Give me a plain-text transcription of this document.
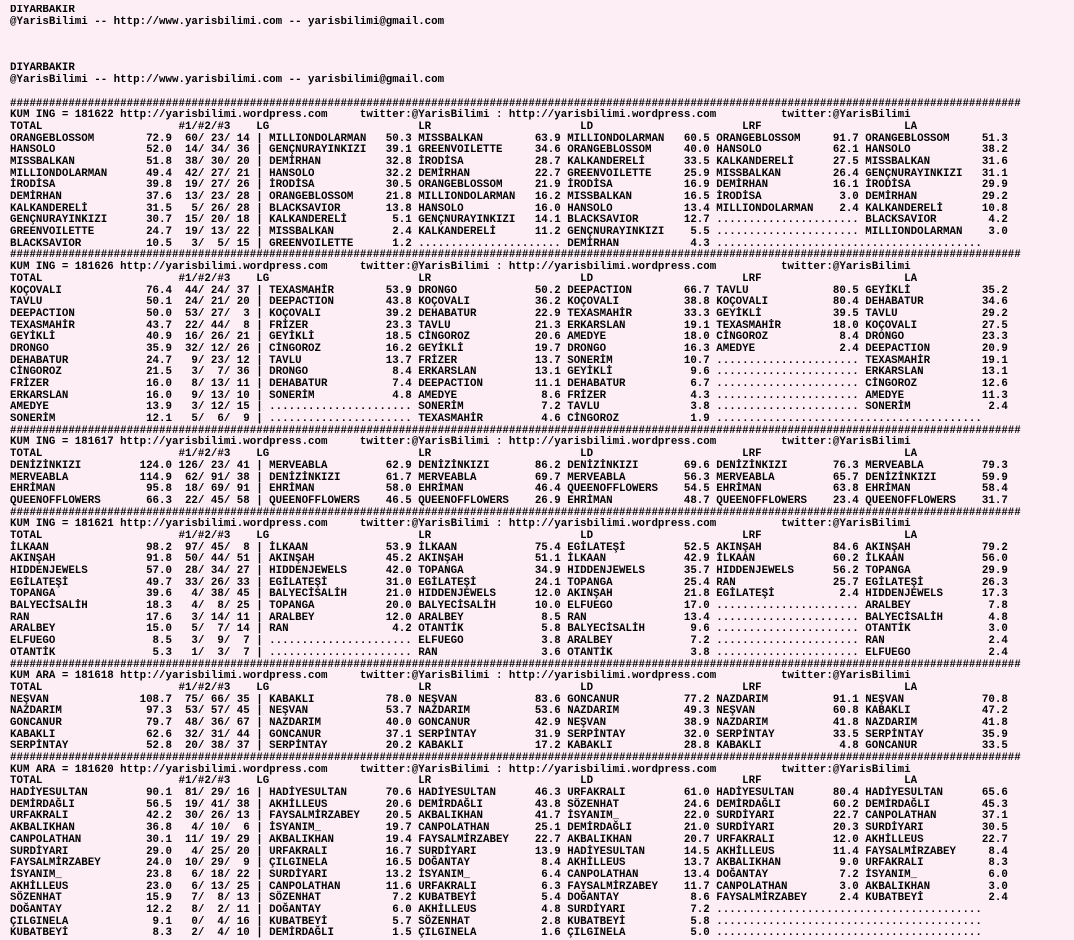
DIYARBAKIR
@YarisBilimi -- http://www.yarisbilimi.com -- yarisbilimi@gmail.com
DIYARBAKIR
@YarisBilimi -- http://www.yarisbilimi.com -- yarisbilimi@gmail.com
############################################################################################################################################################
KUM ING = 181622 http://yarisbilimi.wordpress.com     twitter:@YarisBilimi : http://yarisbilimi.wordpress.com          twitter:@YarisBilimi
TOTAL                     #1/#2/#3    LG                       LR                       LD                       LRF                      LA
ORANGEBLOSSOM        72.9  60/ 23/ 14 | MILLIONDOLARMAN   50.3 MISSBALKAN        63.9 MILLIONDOLARMAN   60.5 ORANGEBLOSSOM     91.7 ORANGEBLOSSOM     51.3
HANSOLO              52.0  14/ 34/ 36 | GENÇNURAYINKIZI   39.1 GREENVOILETTE     34.6 ORANGEBLOSSOM     40.0 HANSOLO           62.1 HANSOLO           38.2
MISSBALKAN           51.8  38/ 30/ 20 | DEMİRHAN          32.8 İRODİSA           28.7 KALKANDERELİ      33.5 KALKANDERELİ      27.5 MISSBALKAN        31.6
MILLIONDOLARMAN      49.4  42/ 27/ 21 | HANSOLO           32.2 DEMİRHAN          22.7 GREENVOILETTE     25.9 MISSBALKAN        26.4 GENÇNURAYINKIZI   31.1
İRODİSA              39.8  19/ 27/ 26 | İRODİSA           30.5 ORANGEBLOSSOM     21.9 İRODİSA           16.9 DEMİRHAN          16.1 İRODİSA           29.9
DEMİRHAN             37.6  13/ 23/ 28 | ORANGEBLOSSOM     21.8 MILLIONDOLARMAN   16.2 MISSBALKAN        16.5 İRODİSA            3.0 DEMİRHAN          29.2
KALKANDERELİ         31.5   5/ 26/ 28 | BLACKSAVIOR       13.8 HANSOLO           16.0 HANSOLO           13.4 MILLIONDOLARMAN    2.4 KALKANDERELİ      10.8
GENÇNURAYINKIZI      30.7  15/ 20/ 18 | KALKANDERELİ       5.1 GENÇNURAYINKIZI   14.1 BLACKSAVIOR       12.7 ...................... BLACKSAVIOR        4.2
GREENVOILETTE        24.7  19/ 13/ 22 | MISSBALKAN         2.4 KALKANDERELİ      11.2 GENÇNURAYINKIZI    5.5 ...................... MILLIONDOLARMAN    3.0
BLACKSAVIOR          10.5   3/  5/ 15 | GREENVOILETTE      1.2 ...................... DEMİRHAN           4.3 .........................................
############################################################################################################################################################
KUM ING = 181626 http://yarisbilimi.wordpress.com     twitter:@YarisBilimi : http://yarisbilimi.wordpress.com          twitter:@YarisBilimi
TOTAL                     #1/#2/#3    LG                       LR                       LD                       LRF                      LA
KOÇOVALI             76.4  44/ 24/ 37 | TEXASMAHİR        53.9 DRONGO            50.2 DEEPACTION        66.7 TAVLU             80.5 GEYİKLİ           35.2
TAVLU                50.1  24/ 21/ 20 | DEEPACTION        43.8 KOÇOVALI          36.2 KOÇOVALI          38.8 KOÇOVALI          80.4 DEHABATUR         34.6
DEEPACTION           50.0  53/ 27/  3 | KOÇOVALI          39.2 DEHABATUR         22.9 TEXASMAHİR        33.3 GEYİKLİ           39.5 TAVLU             29.2
TEXASMAHİR           43.7  22/ 44/  8 | FRİZER            23.3 TAVLU             21.3 ERKARSLAN         19.1 TEXASMAHİR        18.0 KOÇOVALI          27.5
GEYİKLİ              40.9  16/ 26/ 21 | GEYİKLİ           18.5 CİNGOROZ          20.6 AMEDYE            18.0 CİNGOROZ           8.4 DRONGO            23.3
DRONGO               35.9  32/ 12/ 26 | CİNGOROZ          16.2 GEYİKLİ           19.7 DRONGO            16.3 AMEDYE             2.4 DEEPACTION        20.9
DEHABATUR            24.7   9/ 23/ 12 | TAVLU             13.7 FRİZER            13.7 SONERİM           10.7 ...................... TEXASMAHİR        19.1
CİNGOROZ             21.5   3/  7/ 36 | DRONGO             8.4 ERKARSLAN         13.1 GEYİKLİ            9.6 ...................... ERKARSLAN         13.1
FRİZER               16.0   8/ 13/ 11 | DEHABATUR          7.4 DEEPACTION        11.1 DEHABATUR          6.7 ...................... CİNGOROZ          12.6
ERKARSLAN            16.0   9/ 13/ 10 | SONERİM            4.8 AMEDYE             8.6 FRİZER             4.3 ...................... AMEDYE            11.3
AMEDYE               13.9   3/ 12/ 15 | ...................... SONERİM            7.2 TAVLU              3.8 ...................... SONERİM            2.4
SONERİM              12.1   5/  6/  9 | ...................... TEXASMAHİR         4.6 CİNGOROZ           1.9 .........................................
############################################################################################################################################################
KUM ING = 181617 http://yarisbilimi.wordpress.com     twitter:@YarisBilimi : http://yarisbilimi.wordpress.com          twitter:@YarisBilimi
TOTAL                     #1/#2/#3    LG                       LR                       LD                       LRF                      LA
DENİZİNKIZI         124.0 126/ 23/ 41 | MERVEABLA         62.9 DENİZİNKIZI       86.2 DENİZİNKIZI       69.6 DENİZİNKIZI       76.3 MERVEABLA         79.3
MERVEABLA           114.9  62/ 91/ 38 | DENİZİNKIZI       61.7 MERVEABLA         69.7 MERVEABLA         56.3 MERVEABLA         65.7 DENİZİNKIZI       59.9
EHRİMAN              95.8  18/ 69/ 91 | EHRİMAN           58.0 EHRİMAN           46.4 QUEENOFFLOWERS    54.5 EHRİMAN           63.8 EHRİMAN           58.4
QUEENOFFLOWERS       66.3  22/ 45/ 58 | QUEENOFFLOWERS    46.5 QUEENOFFLOWERS    26.9 EHRİMAN           48.7 QUEENOFFLOWERS    23.4 QUEENOFFLOWERS    31.7
############################################################################################################################################################
KUM ING = 181621 http://yarisbilimi.wordpress.com     twitter:@YarisBilimi : http://yarisbilimi.wordpress.com          twitter:@YarisBilimi
TOTAL                     #1/#2/#3    LG                       LR                       LD                       LRF                      LA
İLKAAN               98.2  97/ 45/  8 | İLKAAN            53.9 İLKAAN            75.4 EGİLATEŞİ         52.5 AKINŞAH           84.6 AKINŞAH           79.2
AKINŞAH              91.8  50/ 44/ 51 | AKINŞAH           45.2 AKINŞAH           51.1 İLKAAN            42.9 İLKAAN            60.2 İLKAAN            56.0
HIDDENJEWELS         57.0  28/ 34/ 27 | HIDDENJEWELS      42.0 TOPANGA           34.9 HIDDENJEWELS      35.7 HIDDENJEWELS      56.2 TOPANGA           29.9
EGİLATEŞİ            49.7  33/ 26/ 33 | EGİLATEŞİ         31.0 EGİLATEŞİ         24.1 TOPANGA           25.4 RAN               25.7 EGİLATEŞİ         26.3
TOPANGA              39.6   4/ 38/ 45 | BALYECİSALİH      21.0 HIDDENJEWELS      12.0 AKINŞAH           21.8 EGİLATEŞİ          2.4 HIDDENJEWELS      17.3
BALYECİSALİH         18.3   4/  8/ 25 | TOPANGA           20.0 BALYECİSALİH      10.0 ELFUEGO           17.0 ...................... ARALBEY            7.8
RAN                  17.6   3/ 14/ 11 | ARALBEY           12.0 ARALBEY            8.5 RAN               13.4 ...................... BALYECİSALİH       4.8
ARALBEY              15.0   5/  7/ 14 | RAN                4.2 OTANTİK            5.8 BALYECİSALİH       9.6 ...................... OTANTİK            3.0
ELFUEGO               8.5   3/  9/  7 | ...................... ELFUEGO            3.8 ARALBEY            7.2 ...................... RAN                2.4
OTANTİK               5.3   1/  3/  7 | ...................... RAN                3.6 OTANTİK            3.8 ...................... ELFUEGO            2.4
############################################################################################################################################################
KUM ARA = 181618 http://yarisbilimi.wordpress.com     twitter:@YarisBilimi : http://yarisbilimi.wordpress.com          twitter:@YarisBilimi
TOTAL                     #1/#2/#3    LG                       LR                       LD                       LRF                      LA
NEŞVAN              108.7  75/ 66/ 35 | KABAKLI           78.0 NEŞVAN            83.6 GONCANUR          77.2 NAZDARIM          91.1 NEŞVAN            70.8
NAZDARIM             97.3  53/ 57/ 45 | NEŞVAN            53.7 NAZDARIM          53.6 NAZDARIM          49.3 NEŞVAN            60.8 KABAKLI           47.2
GONCANUR             79.7  48/ 36/ 67 | NAZDARIM          40.0 GONCANUR          42.9 NEŞVAN            38.9 NAZDARIM          41.8 NAZDARIM          41.8
KABAKLI              62.6  32/ 31/ 44 | GONCANUR          37.1 SERPİNTAY         31.9 SERPİNTAY         32.0 SERPİNTAY         33.5 SERPİNTAY         35.9
SERPİNTAY            52.8  20/ 38/ 37 | SERPİNTAY         20.2 KABAKLI           17.2 KABAKLI           28.8 KABAKLI            4.8 GONCANUR          33.5
############################################################################################################################################################
KUM ARA = 181620 http://yarisbilimi.wordpress.com     twitter:@YarisBilimi : http://yarisbilimi.wordpress.com          twitter:@YarisBilimi
TOTAL                     #1/#2/#3    LG                       LR                       LD                       LRF                      LA
HADİYESULTAN         90.1  81/ 29/ 16 | HADİYESULTAN      70.6 HADİYESULTAN      46.3 URFAKRALI         61.0 HADİYESULTAN      80.4 HADİYESULTAN      65.6
DEMİRDAĞLI           56.5  19/ 41/ 38 | AKHİLLEUS         20.6 DEMİRDAĞLI        43.8 SÖZENHAT          24.6 DEMİRDAĞLI        60.2 DEMİRDAĞLI        45.3
URFAKRALI            42.2  30/ 26/ 13 | FAYSALMİRZABEY    20.5 AKBALIKHAN        41.7 İSYANIM_          22.0 SURDİYARI         22.7 CANPOLATHAN       37.1
AKBALIKHAN           36.8   4/ 10/  6 | İSYANIM_          19.7 CANPOLATHAN       25.1 DEMİRDAĞLI        21.0 SURDİYARI         20.3 SURDİYARI         30.5
CANPOLATHAN          30.1  11/ 19/ 29 | AKBALIKHAN        19.4 FAYSALMİRZABEY    22.7 AKBALIKHAN        20.7 URFAKRALI         12.0 AKHİLLEUS         22.7
SURDİYARI            29.0   4/ 25/ 20 | URFAKRALI         16.7 SURDİYARI         13.9 HADİYESULTAN      14.5 AKHİLLEUS         11.4 FAYSALMİRZABEY     8.4
FAYSALMİRZABEY       24.0  10/ 29/  9 | ÇILGINELA         16.5 DOĞANTAY           8.4 AKHİLLEUS         13.7 AKBALIKHAN         9.0 URFAKRALI          8.3
İSYANIM_             23.8   6/ 18/ 22 | SURDİYARI         13.2 İSYANIM_           6.4 CANPOLATHAN       13.4 DOĞANTAY           7.2 İSYANIM_           6.0
AKHİLLEUS            23.0   6/ 13/ 25 | CANPOLATHAN       11.6 URFAKRALI          6.3 FAYSALMİRZABEY    11.7 CANPOLATHAN        3.0 AKBALIKHAN         3.0
SÖZENHAT             15.9   7/  8/ 13 | SÖZENHAT           7.2 KUBATBEYİ          5.4 DOĞANTAY           8.6 FAYSALMİRZABEY     2.4 KUBATBEYİ          2.4
DOĞANTAY             12.2   8/  2/ 11 | DOĞANTAY           6.0 AKHİLLEUS          4.8 SURDİYARI          7.2 .........................................
ÇILGINELA             9.1   0/  4/ 16 | KUBATBEYİ          5.7 SÖZENHAT           2.8 KUBATBEYİ          5.8 .........................................
KUBATBEYİ             8.3   2/  4/ 10 | DEMİRDAĞLI         1.5 ÇILGINELA          1.6 ÇILGINELA          5.0 .........................................
